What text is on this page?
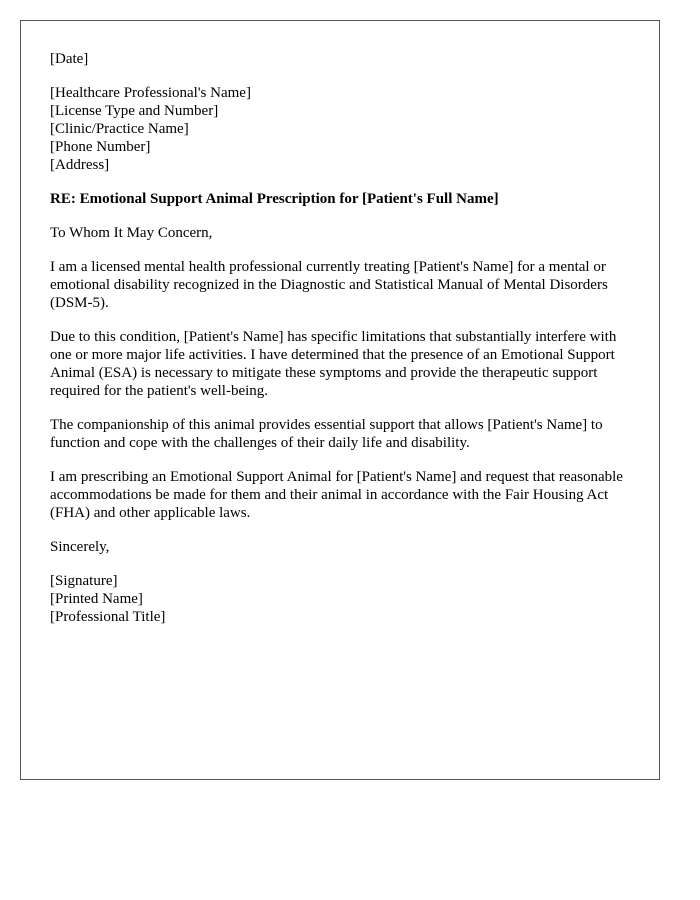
[Date]
[Healthcare Professional's Name]
[License Type and Number]
[Clinic/Practice Name]
[Phone Number]
[Address]

RE: Emotional Support Animal Prescription for [Patient's Full Name]

To Whom It May Concern,

I am a licensed mental health professional currently treating [Patient's Name] for a mental or emotional disability recognized in the Diagnostic and Statistical Manual of Mental Disorders (DSM-5).

Due to this condition, [Patient's Name] has specific limitations that substantially interfere with one or more major life activities. I have determined that the presence of an Emotional Support Animal (ESA) is necessary to mitigate these symptoms and provide the therapeutic support required for the patient's well-being.

The companionship of this animal provides essential support that allows [Patient's Name] to function and cope with the challenges of their daily life and disability.

I am prescribing an Emotional Support Animal for [Patient's Name] and request that reasonable accommodations be made for them and their animal in accordance with the Fair Housing Act (FHA) and other applicable laws.

Sincerely,

[Signature]
[Printed Name]
[Professional Title]
